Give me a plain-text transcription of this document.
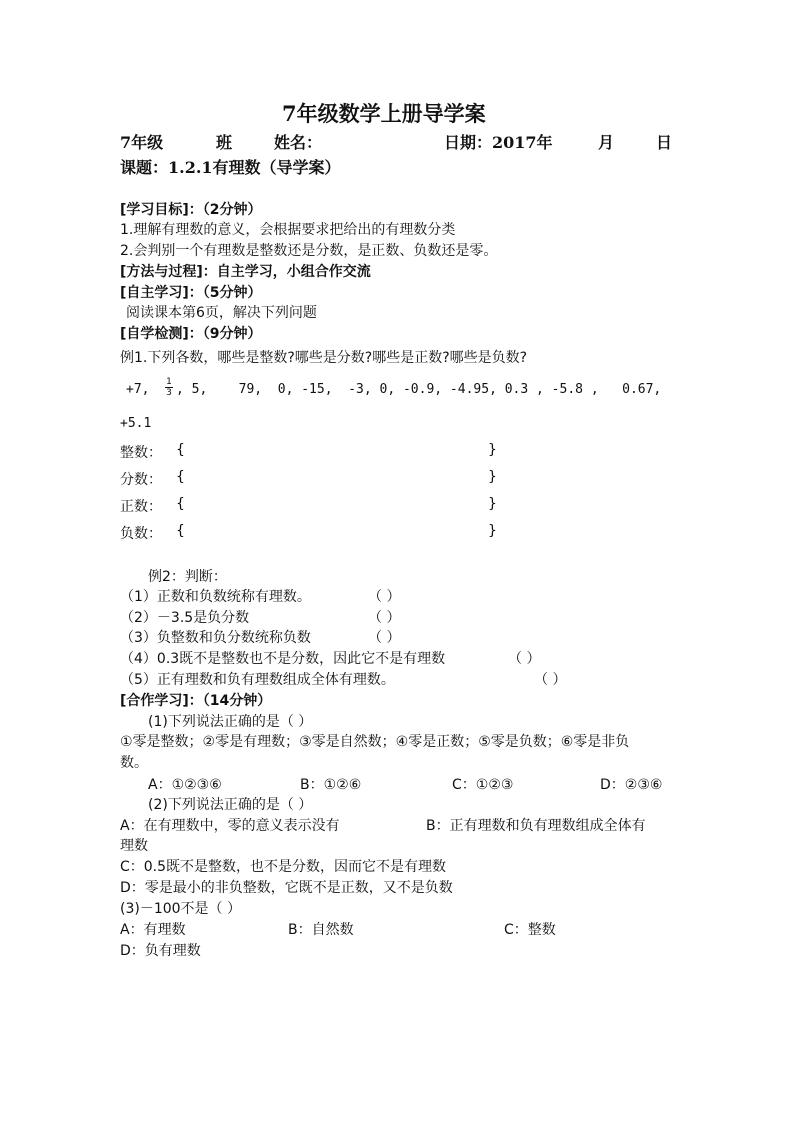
7年级数学上册导学案
7年级	班	姓名：	日期：2017年	月	日
课题：1.2.1有理数（导学案）
[学习目标]：（2分钟）
1.理解有理数的意义，会根据要求把给出的有理数分类
2.会判别一个有理数是整数还是分数，是正数、负数还是零。
[方法与过程]：自主学习，小组合作交流
[自主学习]：（5分钟）
阅读课本第6页，解决下列问题
[自学检测]：（9分钟）
例1.下列各数，哪些是整数?哪些是分数?哪些是正数?哪些是负数?
+7, 1
3 , 5,    79,  0, -15,  -3, 0, -0.9, -4.95, 0.3 , -5.8 ,   0.67,
+5.1
整数： {	}
分数： {	}
正数： {	}
负数： {	}
例2：判断：
（1）正数和负数统称有理数。	（ ）
（2）－3.5是负分数	（ ）
（3）负整数和负分数统称负数	（ ）
（4）0.3既不是整数也不是分数，因此它不是有理数	（ ）
（5）正有理数和负有理数组成全体有理数。	（ ）
[合作学习]：（14分钟）
(1)下列说法正确的是（ ）
①零是整数；②零是有理数；③零是自然数；④零是正数；⑤零是负数；⑥零是非负
数。
A：①②③⑥	B：①②⑥	C：①②③	D：②③⑥
(2)下列说法正确的是（ ）
A：在有理数中，零的意义表示没有	B：正有理数和负有理数组成全体有
理数
C：0.5既不是整数，也不是分数，因而它不是有理数
D：零是最小的非负整数，它既不是正数，又不是负数
(3)－100不是（ ）
A：有理数	B：自然数	C：整数
D：负有理数
